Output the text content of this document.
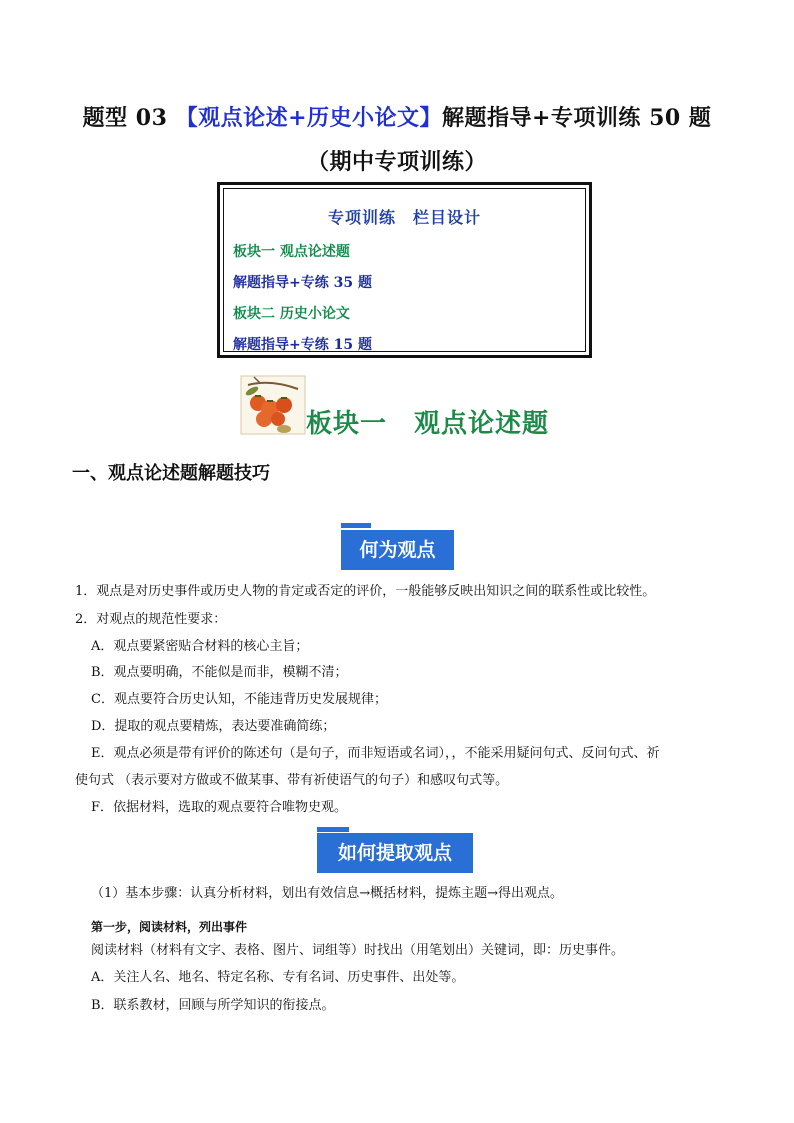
题型 03 【观点论述+历史小论文】解题指导+专项训练 50 题
（期中专项训练）
专项训练　栏目设计
板块一 观点论述题
解题指导+专练 35 题
板块二 历史小论文
解题指导+专练 15 题
板块一　观点论述题
一、观点论述题解题技巧
何为观点
1．观点是对历史事件或历史人物的肯定或否定的评价，一般能够反映出知识之间的联系性或比较性。
2．对观点的规范性要求：
A．观点要紧密贴合材料的核心主旨；
B．观点要明确，不能似是而非，模糊不清；
C．观点要符合历史认知，不能违背历史发展规律；
D．提取的观点要精炼，表达要准确简练；
E．观点必须是带有评价的陈述句（是句子，而非短语或名词），，不能采用疑问句式、反问句式、祈
使句式 （表示要对方做或不做某事、带有祈使语气的句子）和感叹句式等。
F．依据材料，选取的观点要符合唯物史观。
如何提取观点
（1）基本步骤：认真分析材料，划出有效信息→概括材料，提炼主题→得出观点。
第一步，阅读材料，列出事件
阅读材料（材料有文字、表格、图片、词组等）时找出（用笔划出）关键词，即：历史事件。
A．关注人名、地名、特定名称、专有名词、历史事件、出处等。
B．联系教材，回顾与所学知识的衔接点。
